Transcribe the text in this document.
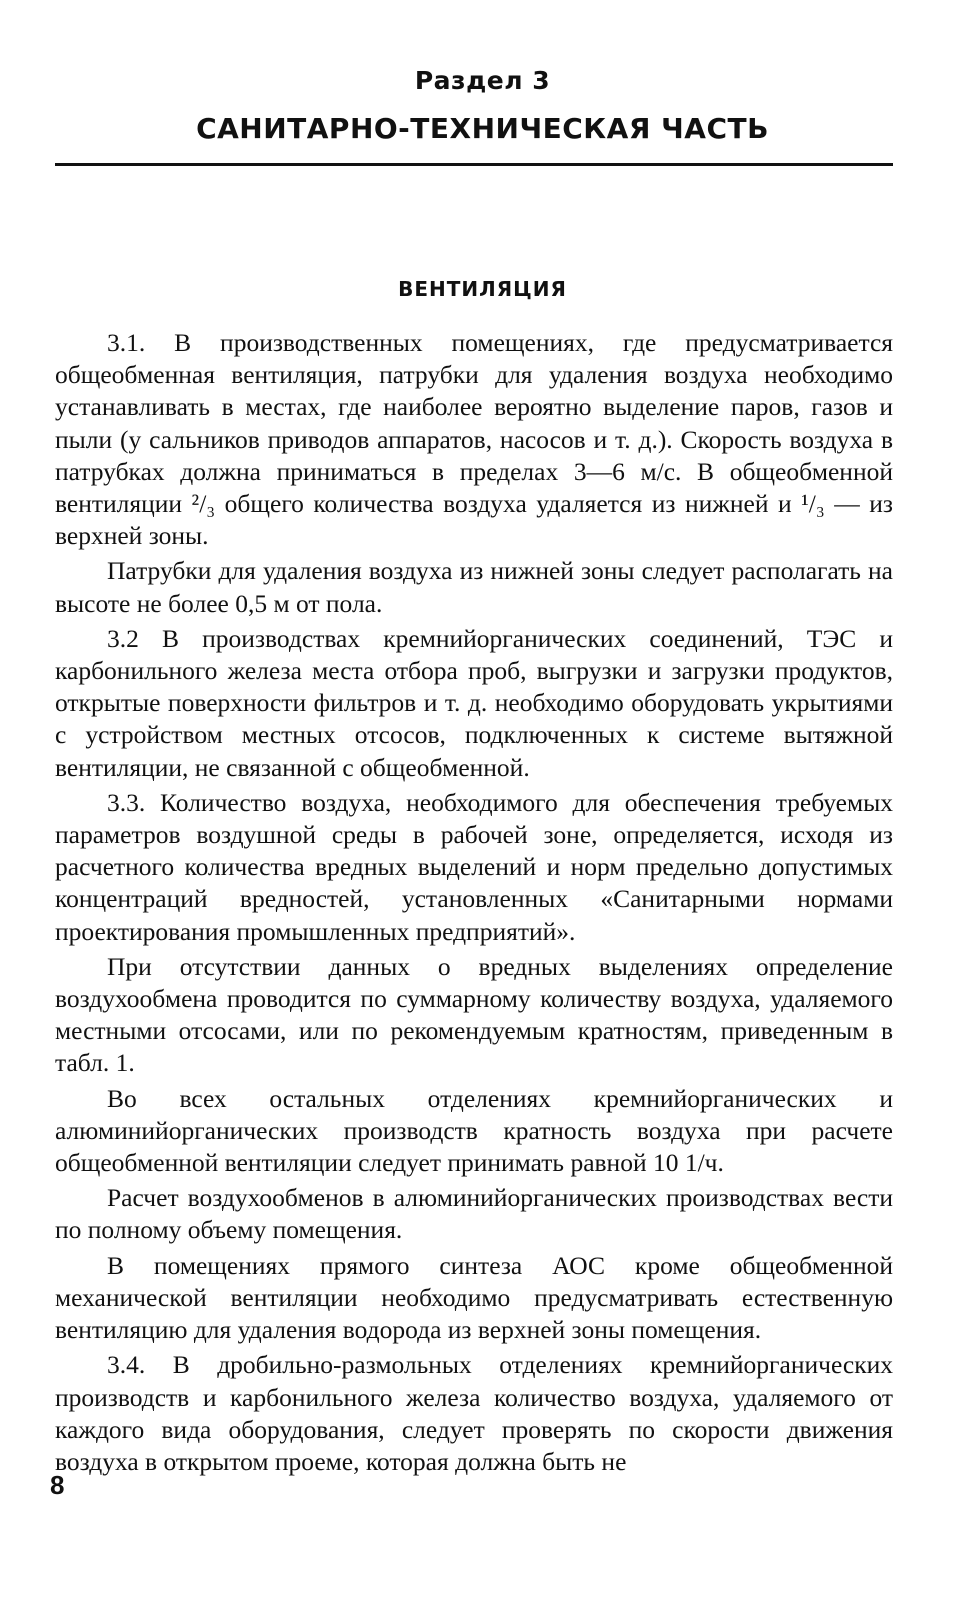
Раздел 3
САНИТАРНО-ТЕХНИЧЕСКАЯ ЧАСТЬ
ВЕНТИЛЯЦИЯ

3.1. В производственных помещениях, где предусматривается общеобменная вентиляция, патрубки для удаления воздуха необходимо устанавливать в местах, где наиболее вероятно выделение паров, газов и пыли (у сальников приводов аппаратов, насосов и т. д.). Скорость воздуха в патрубках должна приниматься в пределах 3—6 м/с. В общеобменной вентиляции ²/₃ общего количества воздуха удаляется из нижней и ¹/₃ — из верхней зоны.

Патрубки для удаления воздуха из нижней зоны следует располагать на высоте не более 0,5 м от пола.

3.2 В производствах кремнийорганических соединений, ТЭС и карбонильного железа места отбора проб, выгрузки и загрузки продуктов, открытые поверхности фильтров и т. д. необходимо оборудовать укрытиями с устройством местных отсосов, подключенных к системе вытяжной вентиляции, не связанной с общеобменной.

3.3. Количество воздуха, необходимого для обеспечения требуемых параметров воздушной среды в рабочей зоне, определяется, исходя из расчетного количества вредных выделений и норм предельно допустимых концентраций вредностей, установленных «Санитарными нормами проектирования промышленных предприятий».

При отсутствии данных о вредных выделениях определение воздухообмена проводится по суммарному количеству воздуха, удаляемого местными отсосами, или по рекомендуемым кратностям, приведенным в табл. 1.

Во всех остальных отделениях кремнийорганических и алюминийорганических производств кратность воздуха при расчете общеобменной вентиляции следует принимать равной 10 1/ч.

Расчет воздухообменов в алюминийорганических производствах вести по полному объему помещения.

В помещениях прямого синтеза АОС кроме общеобменной механической вентиляции необходимо предусматривать естественную вентиляцию для удаления водорода из верхней зоны помещения.

3.4. В дробильно-размольных отделениях кремнийорганических производств и карбонильного железа количество воздуха, удаляемого от каждого вида оборудования, следует проверять по скорости движения воздуха в открытом проеме, которая должна быть не

8
